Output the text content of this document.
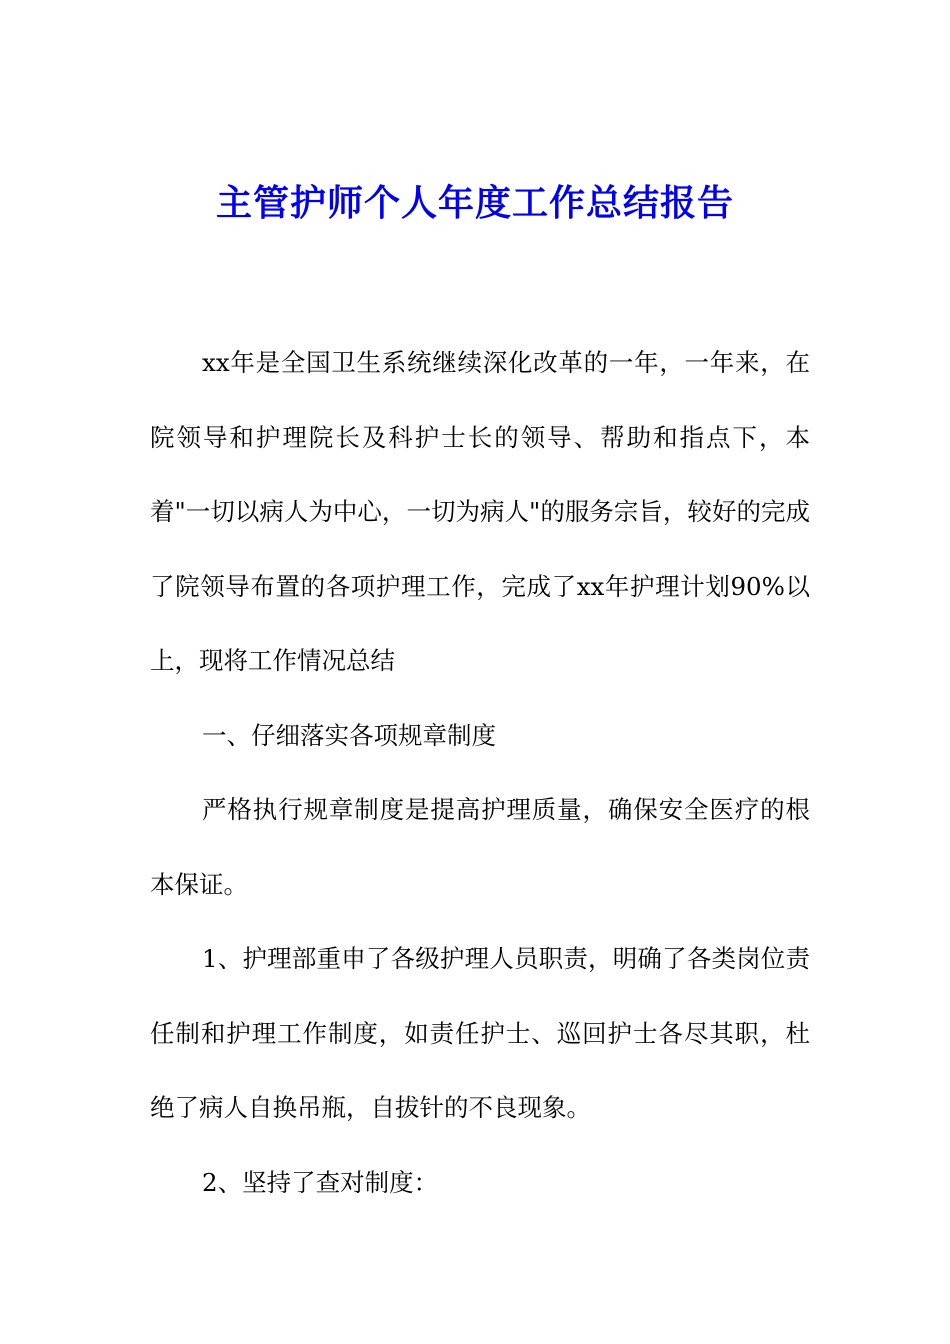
主管护师个人年度工作总结报告

xx年是全国卫生系统继续深化改革的一年，一年来，在院领导和护理院长及科护士长的领导、帮助和指点下，本着"一切以病人为中心，一切为病人"的服务宗旨，较好的完成了院领导布置的各项护理工作，完成了xx年护理计划90%以上，现将工作情况总结

一、仔细落实各项规章制度

严格执行规章制度是提高护理质量，确保安全医疗的根本保证。

1、护理部重申了各级护理人员职责，明确了各类岗位责任制和护理工作制度，如责任护士、巡回护士各尽其职，杜绝了病人自换吊瓶，自拔针的不良现象。

2、坚持了查对制度：
